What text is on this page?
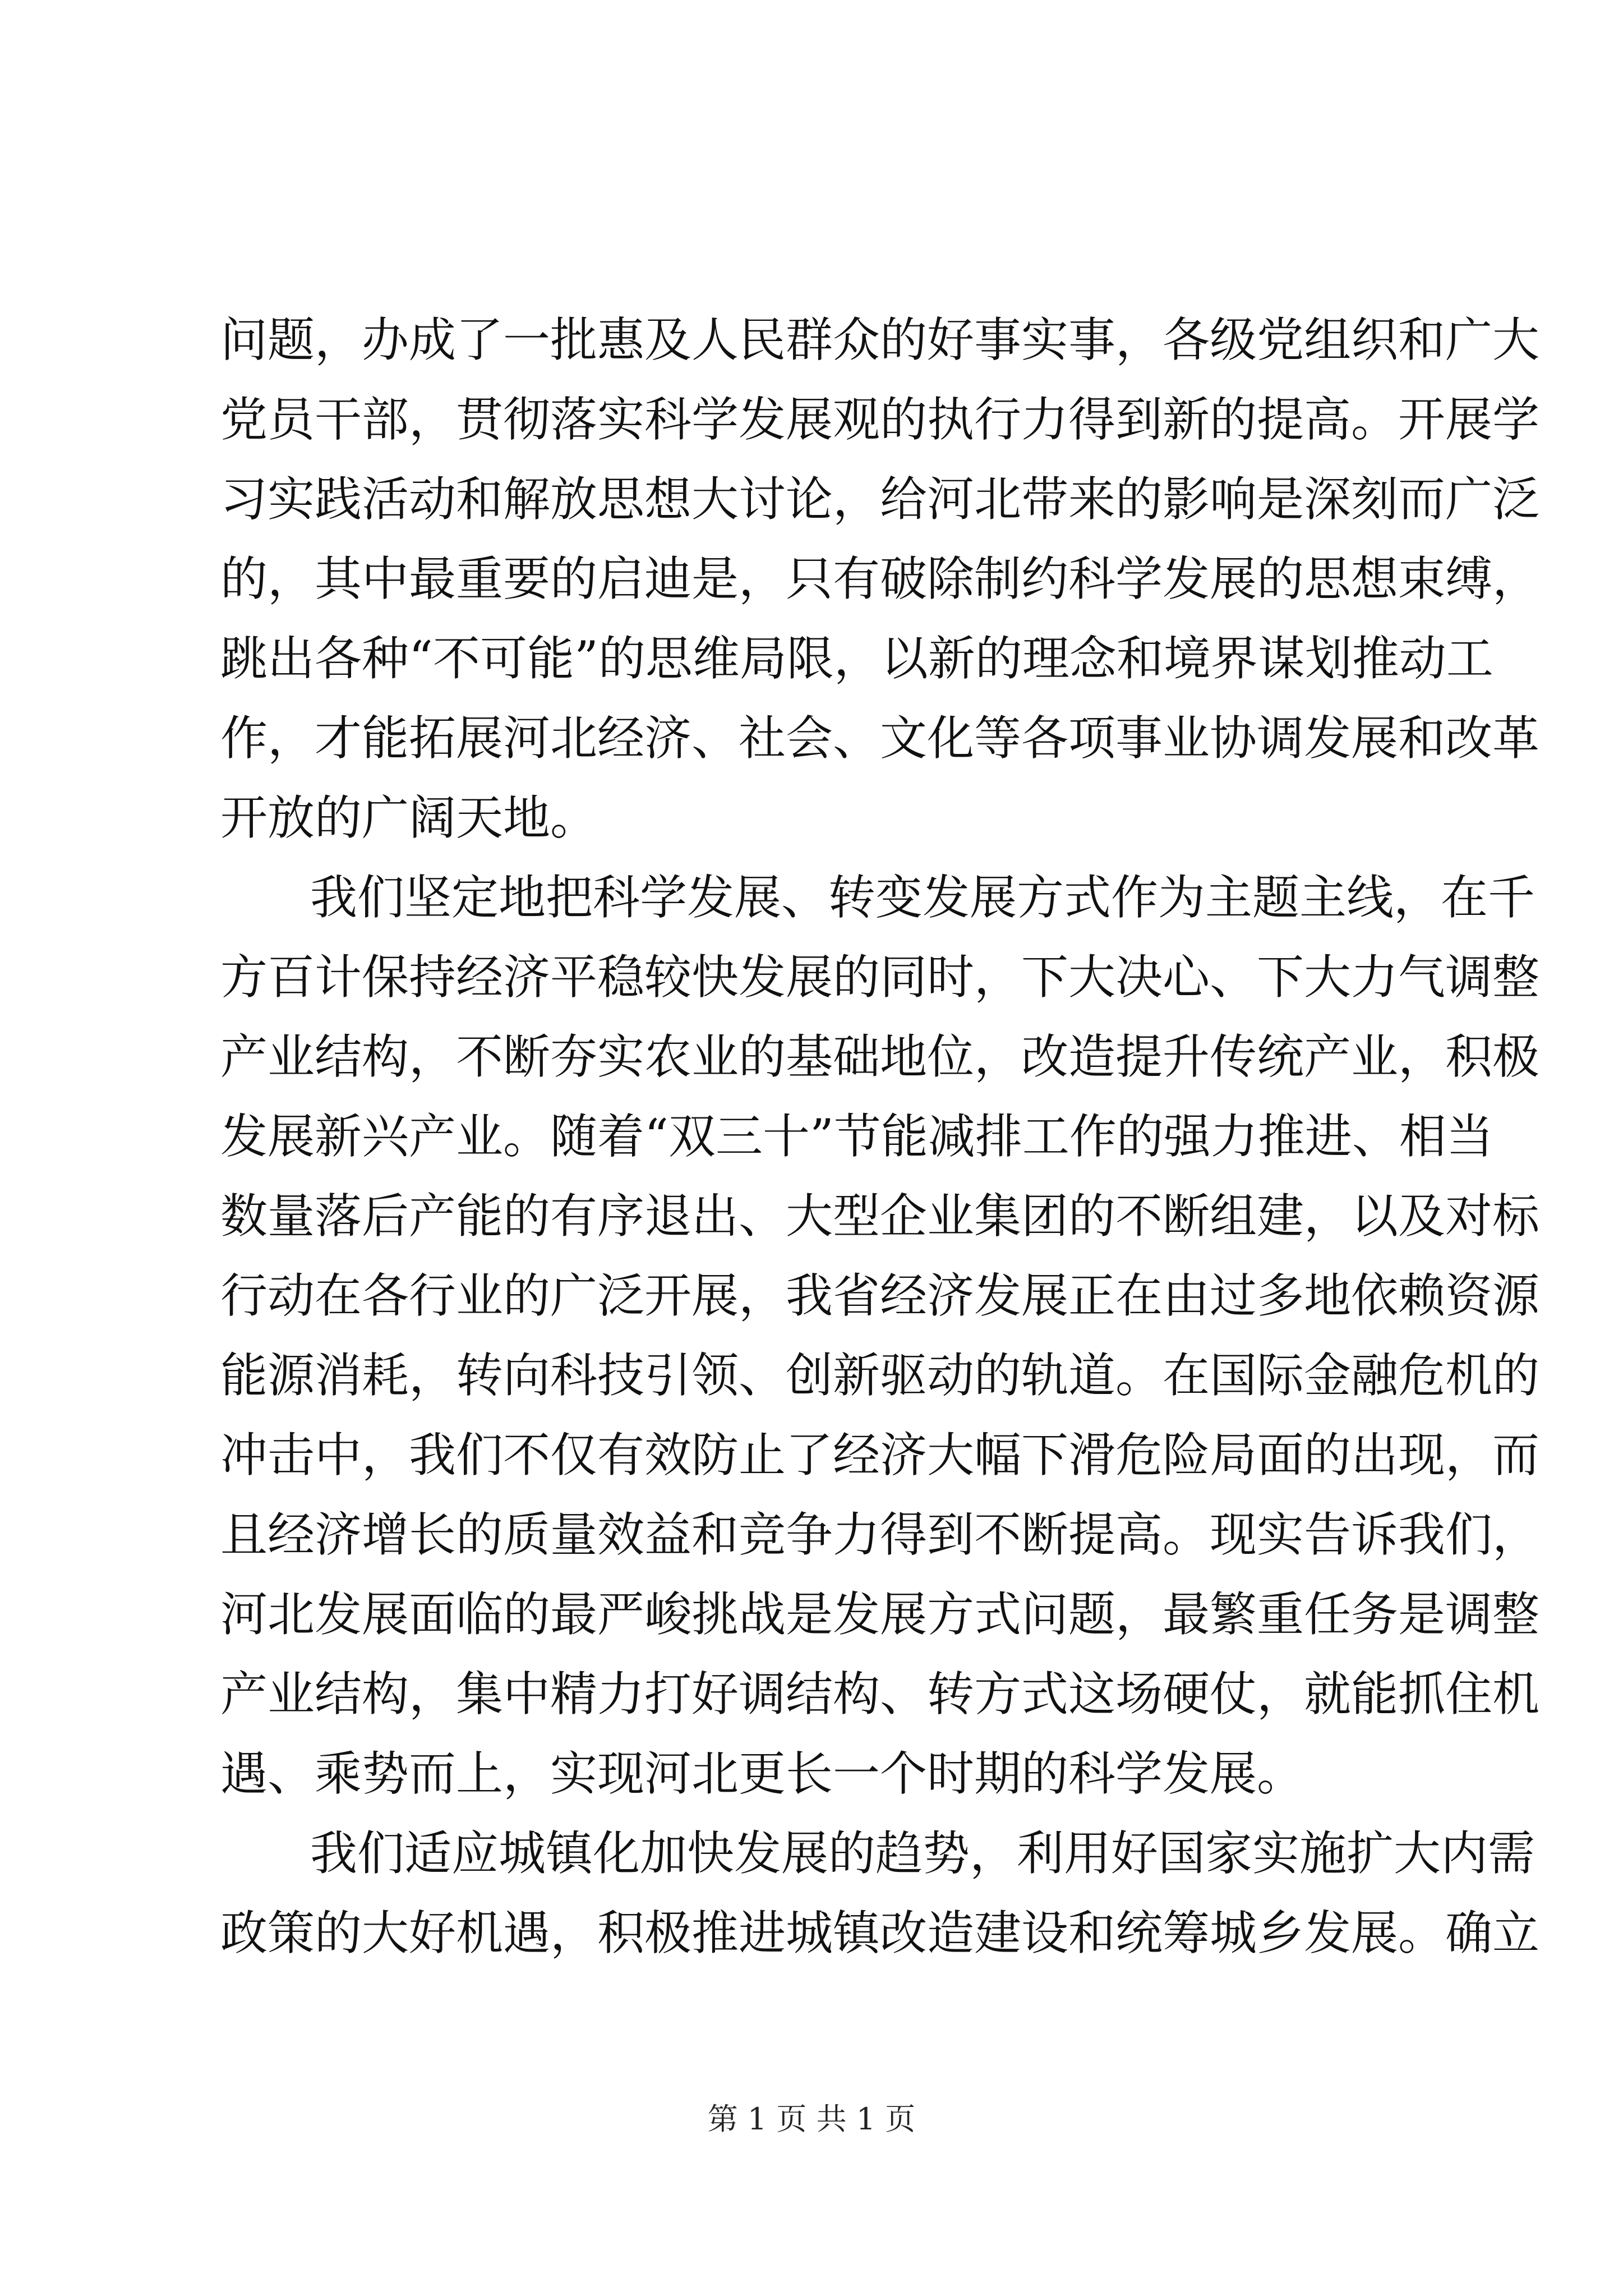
问题，办成了一批惠及人民群众的好事实事，各级党组织和广大
党员干部，贯彻落实科学发展观的执行力得到新的提高。开展学
习实践活动和解放思想大讨论，给河北带来的影响是深刻而广泛
的，其中最重要的启迪是，只有破除制约科学发展的思想束缚，
跳出各种“不可能”的思维局限，以新的理念和境界谋划推动工
作，才能拓展河北经济、社会、文化等各项事业协调发展和改革
开放的广阔天地。
我们坚定地把科学发展、转变发展方式作为主题主线，在千
方百计保持经济平稳较快发展的同时，下大决心、下大力气调整
产业结构，不断夯实农业的基础地位，改造提升传统产业，积极
发展新兴产业。随着“双三十”节能减排工作的强力推进、相当
数量落后产能的有序退出、大型企业集团的不断组建，以及对标
行动在各行业的广泛开展，我省经济发展正在由过多地依赖资源
能源消耗，转向科技引领、创新驱动的轨道。在国际金融危机的
冲击中，我们不仅有效防止了经济大幅下滑危险局面的出现，而
且经济增长的质量效益和竞争力得到不断提高。现实告诉我们，
河北发展面临的最严峻挑战是发展方式问题，最繁重任务是调整
产业结构，集中精力打好调结构、转方式这场硬仗，就能抓住机
遇、乘势而上，实现河北更长一个时期的科学发展。
我们适应城镇化加快发展的趋势，利用好国家实施扩大内需
政策的大好机遇，积极推进城镇改造建设和统筹城乡发展。确立
第 1 页 共 1 页
